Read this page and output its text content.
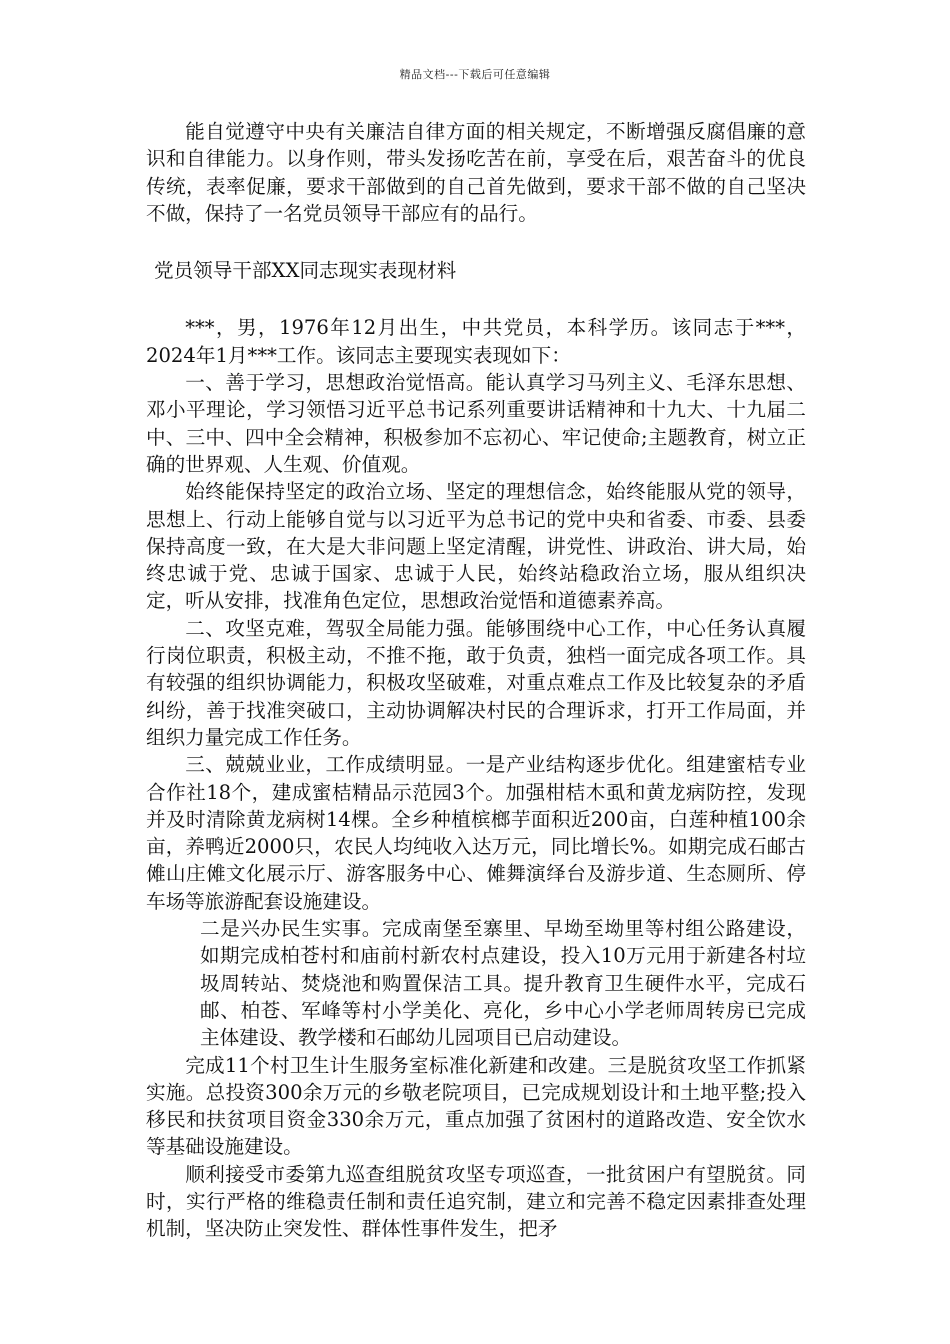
精品文档---下载后可任意编辑

能自觉遵守中央有关廉洁自律方面的相关规定，不断增强反腐倡廉的意识和自律能力。以身作则，带头发扬吃苦在前，享受在后，艰苦奋斗的优良传统，表率促廉，要求干部做到的自己首先做到，要求干部不做的自己坚决不做，保持了一名党员领导干部应有的品行。

党员领导干部XX同志现实表现材料

***，男，1976年12月出生，中共党员，本科学历。该同志于***，2024年1月***工作。该同志主要现实表现如下：

一、善于学习，思想政治觉悟高。能认真学习马列主义、毛泽东思想、邓小平理论，学习领悟习近平总书记系列重要讲话精神和十九大、十九届二中、三中、四中全会精神，积极参加不忘初心、牢记使命;主题教育，树立正确的世界观、人生观、价值观。

始终能保持坚定的政治立场、坚定的理想信念，始终能服从党的领导，思想上、行动上能够自觉与以习近平为总书记的党中央和省委、市委、县委保持高度一致，在大是大非问题上坚定清醒，讲党性、讲政治、讲大局，始终忠诚于党、忠诚于国家、忠诚于人民，始终站稳政治立场，服从组织决定，听从安排，找准角色定位，思想政治觉悟和道德素养高。

二、攻坚克难，驾驭全局能力强。能够围绕中心工作，中心任务认真履行岗位职责，积极主动，不推不拖，敢于负责，独档一面完成各项工作。具有较强的组织协调能力，积极攻坚破难，对重点难点工作及比较复杂的矛盾纠纷，善于找准突破口，主动协调解决村民的合理诉求，打开工作局面，并组织力量完成工作任务。

三、兢兢业业，工作成绩明显。一是产业结构逐步优化。组建蜜桔专业合作社18个，建成蜜桔精品示范园3个。加强柑桔木虱和黄龙病防控，发现并及时清除黄龙病树14棵。全乡种植槟榔芋面积近200亩，白莲种植100余亩，养鸭近2000只，农民人均纯收入达万元，同比增长%。如期完成石邮古傩山庄傩文化展示厅、游客服务中心、傩舞演绎台及游步道、生态厕所、停车场等旅游配套设施建设。

二是兴办民生实事。完成南堡至寨里、早坳至坳里等村组公路建设，如期完成柏苍村和庙前村新农村点建设，投入10万元用于新建各村垃圾周转站、焚烧池和购置保洁工具。提升教育卫生硬件水平，完成石邮、柏苍、军峰等村小学美化、亮化，乡中心小学老师周转房已完成主体建设、教学楼和石邮幼儿园项目已启动建设。

完成11个村卫生计生服务室标准化新建和改建。三是脱贫攻坚工作抓紧实施。总投资300余万元的乡敬老院项目，已完成规划设计和土地平整;投入移民和扶贫项目资金330余万元，重点加强了贫困村的道路改造、安全饮水等基础设施建设。

顺利接受市委第九巡查组脱贫攻坚专项巡查，一批贫困户有望脱贫。同时，实行严格的维稳责任制和责任追究制，建立和完善不稳定因素排查处理机制，坚决防止突发性、群体性事件发生，把矛
